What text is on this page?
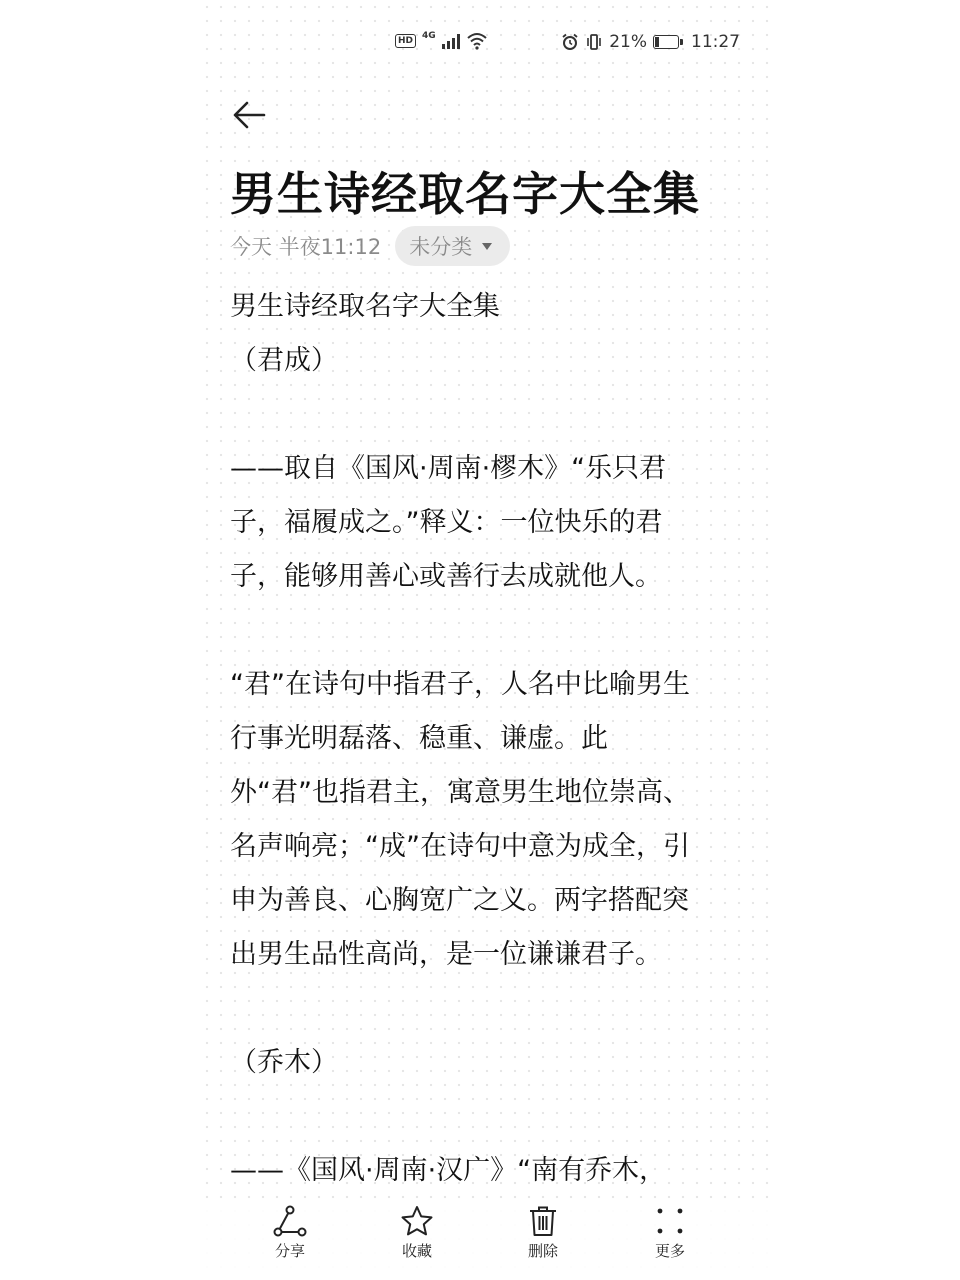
HD	4G	21%	11:27
男生诗经取名字大全集
今天 半夜11:12 未分类
男生诗经取名字大全集
（君成）
——取自《国风·周南·樛木》“乐只君
子，福履成之。”释义：一位快乐的君
子，能够用善心或善行去成就他人。
“君”在诗句中指君子，人名中比喻男生
行事光明磊落、稳重、谦虚。此
外“君”也指君主，寓意男生地位崇高、
名声响亮；“成”在诗句中意为成全，引
申为善良、心胸宽广之义。两字搭配突
出男生品性高尚，是一位谦谦君子。
（乔木）
——《国风·周南·汉广》“南有乔木，
分享	收藏	删除	更多
